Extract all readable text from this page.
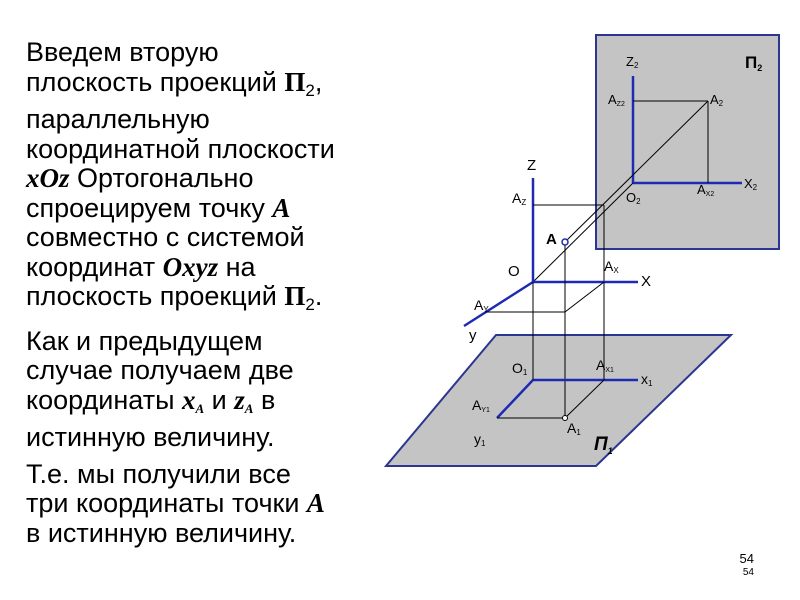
Введем вторую
плоскость проекций $П_2$,
параллельную
координатной плоскости
xOz Ортогонально
спроецируем точку A
совместно с системой
координат Oxyz на
плоскость проекций $П_2$.
Как и предыдущем
случае получаем две
координаты xA и zA в
истинную величину.
Т.е. мы получили все
три координаты точки A
в истинную величину.
П2
$П_1$
Z2
AZ2	A2
O2
AX2
X2
Z
AZ
A
O	AX
X
AY
y
O1	AX1
x1
AY1
A1
y1
54
54
